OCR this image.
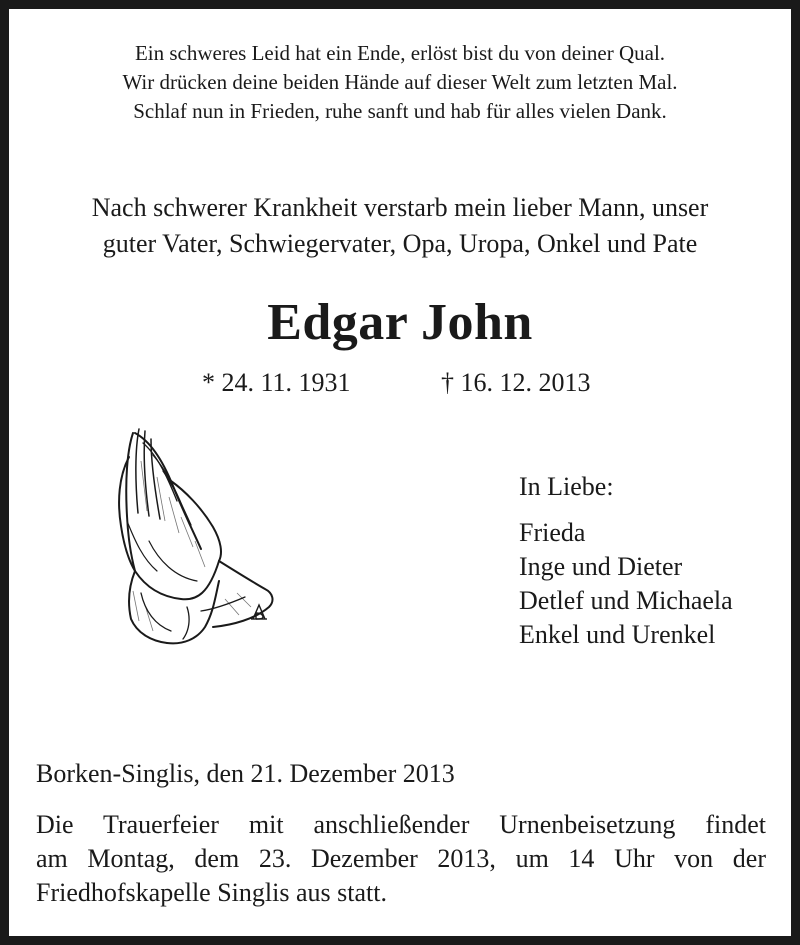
Ein schweres Leid hat ein Ende, erlöst bist du von deiner Qual.
Wir drücken deine beiden Hände auf dieser Welt zum letzten Mal.
Schlaf nun in Frieden, ruhe sanft und hab für alles vielen Dank.
Nach schwerer Krankheit verstarb mein lieber Mann, unser
guter Vater, Schwiegervater, Opa, Uropa, Onkel und Pate
Edgar John
* 24. 11. 1931	† 16. 12. 2013
In Liebe:
Frieda
Inge und Dieter
Detlef und Michaela
Enkel und Urenkel
Borken-Singlis, den 21. Dezember 2013
Die Trauerfeier mit anschließender Urnenbeisetzung findet
am Montag, dem 23. Dezember 2013, um 14 Uhr von der
Friedhofskapelle Singlis aus statt.
